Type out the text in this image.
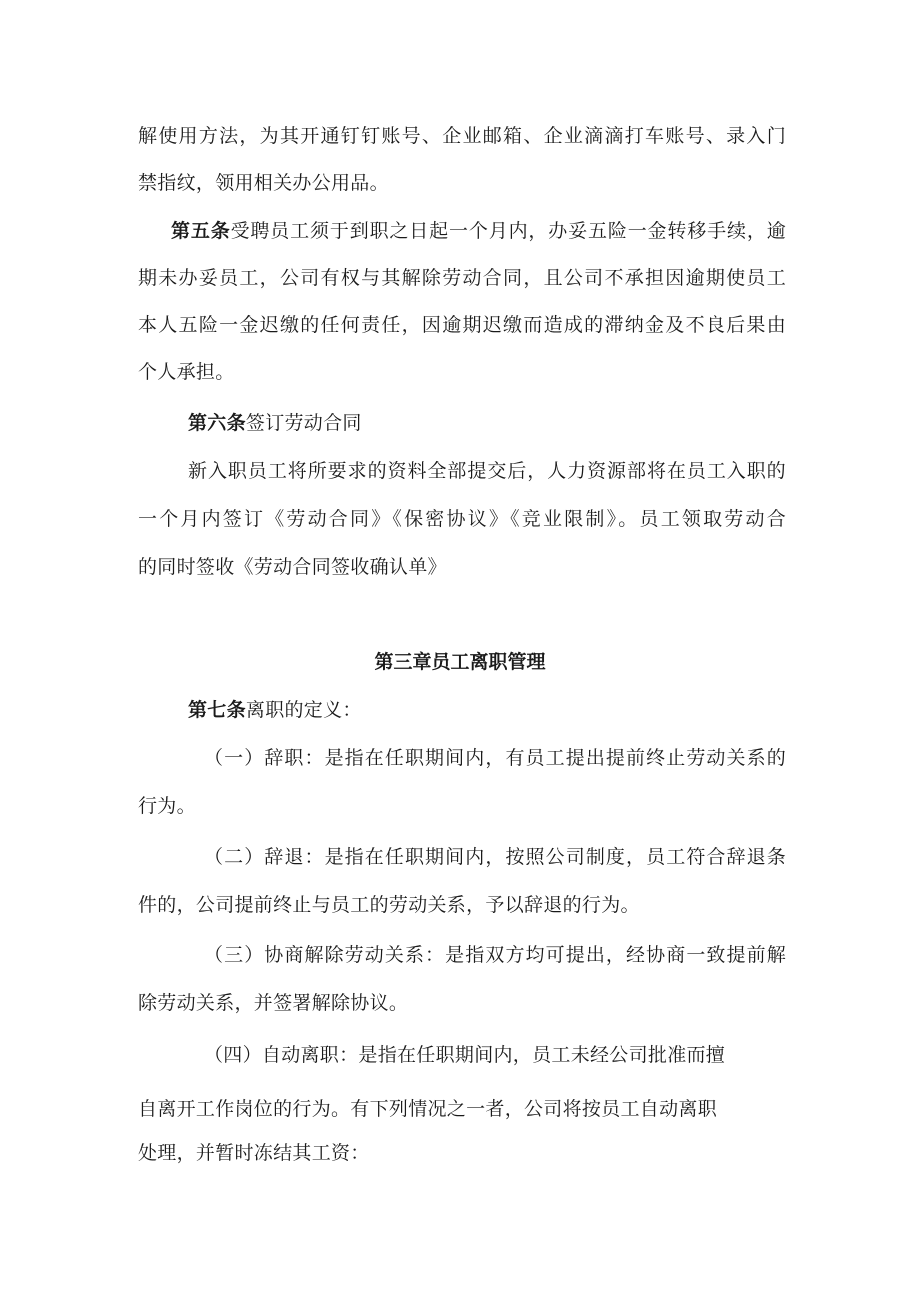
解使用方法，为其开通钉钉账号、企业邮箱、企业滴滴打车账号、录入门
禁指纹，领用相关办公用品。
第五条受聘员工须于到职之日起一个月内，办妥五险一金转移手续，逾
期未办妥员工，公司有权与其解除劳动合同，且公司不承担因逾期使员工
本人五险一金迟缴的任何责任，因逾期迟缴而造成的滞纳金及不良后果由
个人承担。
第六条签订劳动合同
新入职员工将所要求的资料全部提交后，人力资源部将在员工入职的
一个月内签订《劳动合同》《保密协议》《竞业限制》。员工领取劳动合
的同时签收《劳动合同签收确认单》
第三章员工离职管理
第七条离职的定义：
（一）辞职：是指在任职期间内，有员工提出提前终止劳动关系的
行为。
（二）辞退：是指在任职期间内，按照公司制度，员工符合辞退条
件的，公司提前终止与员工的劳动关系，予以辞退的行为。
（三）协商解除劳动关系：是指双方均可提出，经协商一致提前解
除劳动关系，并签署解除协议。
（四）自动离职：是指在任职期间内，员工未经公司批准而擅
自离开工作岗位的行为。有下列情况之一者，公司将按员工自动离职
处理，并暂时冻结其工资：
